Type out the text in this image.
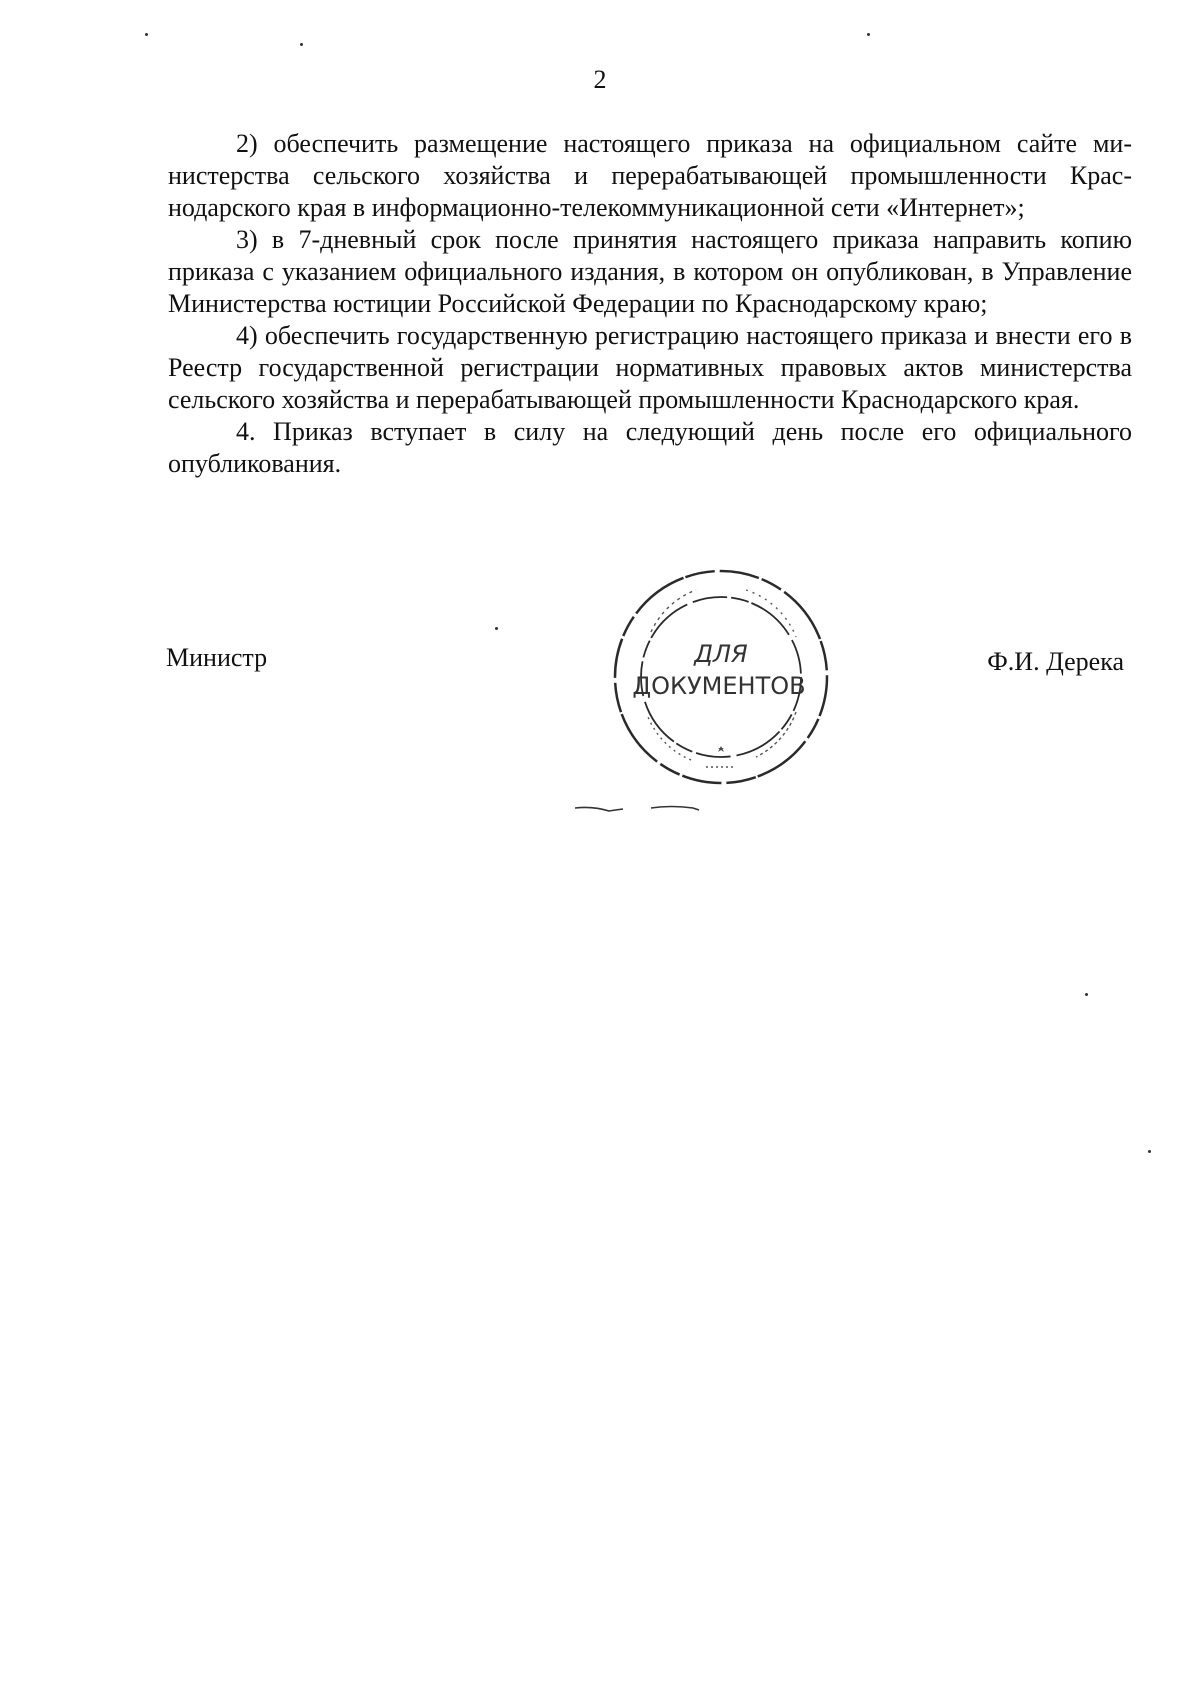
2

2) обеспечить размещение настоящего приказа на официальном сайте министерства сельского хозяйства и перерабатывающей промышленности Краснодарского края в информационно-телекоммуникационной сети «Интернет»;

3) в 7-дневный срок после принятия настоящего приказа направить копию приказа с указанием официального издания, в котором он опубликован, в Управление Министерства юстиции Российской Федерации по Краснодарскому краю;

4) обеспечить государственную регистрацию настоящего приказа и внести его в Реестр государственной регистрации нормативных правовых актов министерства сельского хозяйства и перерабатывающей промышленности Краснодарского края.

4. Приказ вступает в силу на следующий день после его официального опубликования.

Министр	Ф.И. Дерека
ДЛЯ
ДОКУМЕНТОВ
